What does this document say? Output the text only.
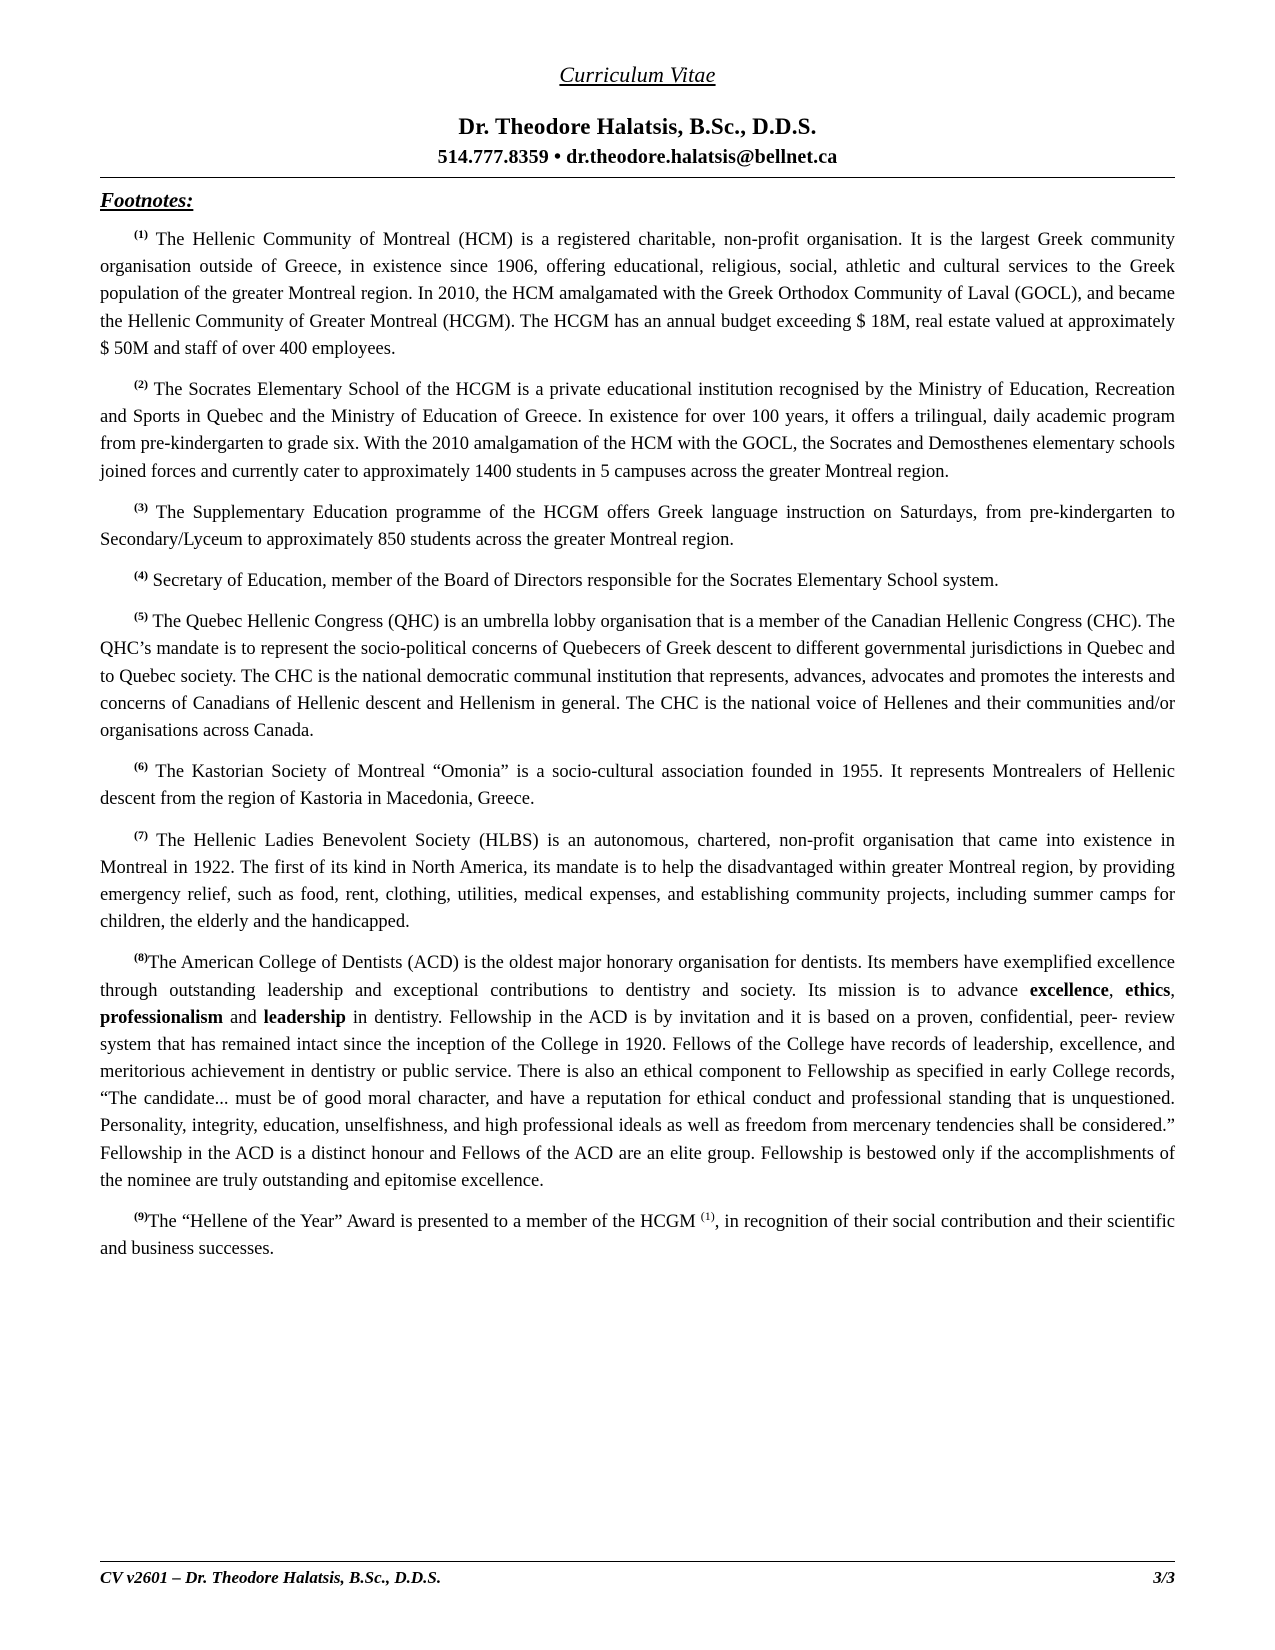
Curriculum Vitae
Dr. Theodore Halatsis, B.Sc., D.D.S.
514.777.8359 • dr.theodore.halatsis@bellnet.ca
Footnotes:

$^{(1)}$ The Hellenic Community of Montreal (HCM) is a registered charitable, non-profit organisation. It is the largest Greek community organisation outside of Greece, in existence since 1906, offering educational, religious, social, athletic and cultural services to the Greek population of the greater Montreal region. In 2010, the HCM amalgamated with the Greek Orthodox Community of Laval (GOCL), and became the Hellenic Community of Greater Montreal (HCGM). The HCGM has an annual budget exceeding $ 18M, real estate valued at approximately $ 50M and staff of over 400 employees.

$^{(2)}$ The Socrates Elementary School of the HCGM is a private educational institution recognised by the Ministry of Education, Recreation and Sports in Quebec and the Ministry of Education of Greece. In existence for over 100 years, it offers a trilingual, daily academic program from pre-kindergarten to grade six. With the 2010 amalgamation of the HCM with the GOCL, the Socrates and Demosthenes elementary schools joined forces and currently cater to approximately 1400 students in 5 campuses across the greater Montreal region.

$^{(3)}$ The Supplementary Education programme of the HCGM offers Greek language instruction on Saturdays, from pre-kindergarten to Secondary/Lyceum to approximately 850 students across the greater Montreal region.

$^{(4)}$ Secretary of Education, member of the Board of Directors responsible for the Socrates Elementary School system.

$^{(5)}$ The Quebec Hellenic Congress (QHC) is an umbrella lobby organisation that is a member of the Canadian Hellenic Congress (CHC). The QHC’s mandate is to represent the socio-political concerns of Quebecers of Greek descent to different governmental jurisdictions in Quebec and to Quebec society. The CHC is the national democratic communal institution that represents, advances, advocates and promotes the interests and concerns of Canadians of Hellenic descent and Hellenism in general. The CHC is the national voice of Hellenes and their communities and/or organisations across Canada.

$^{(6)}$ The Kastorian Society of Montreal “Omonia” is a socio-cultural association founded in 1955. It represents Montrealers of Hellenic descent from the region of Kastoria in Macedonia, Greece.

$^{(7)}$ The Hellenic Ladies Benevolent Society (HLBS) is an autonomous, chartered, non-profit organisation that came into existence in Montreal in 1922. The first of its kind in North America, its mandate is to help the disadvantaged within greater Montreal region, by providing emergency relief, such as food, rent, clothing, utilities, medical expenses, and establishing community projects, including summer camps for children, the elderly and the handicapped.

$^{(8)}$The American College of Dentists (ACD) is the oldest major honorary organisation for dentists. Its members have exemplified excellence through outstanding leadership and exceptional contributions to dentistry and society. Its mission is to advance excellence, ethics, professionalism and leadership in dentistry. Fellowship in the ACD is by invitation and it is based on a proven, confidential, peer- review system that has remained intact since the inception of the College in 1920. Fellows of the College have records of leadership, excellence, and meritorious achievement in dentistry or public service. There is also an ethical component to Fellowship as specified in early College records, “The candidate... must be of good moral character, and have a reputation for ethical conduct and professional standing that is unquestioned. Personality, integrity, education, unselfishness, and high professional ideals as well as freedom from mercenary tendencies shall be considered.” Fellowship in the ACD is a distinct honour and Fellows of the ACD are an elite group. Fellowship is bestowed only if the accomplishments of the nominee are truly outstanding and epitomise excellence.

$^{(9)}$The “Hellene of the Year” Award is presented to a member of the HCGM $^{(1)}$, in recognition of their social contribution and their scientific and business successes.

CV v2601 – Dr. Theodore Halatsis, B.Sc., D.D.S.	3/3
